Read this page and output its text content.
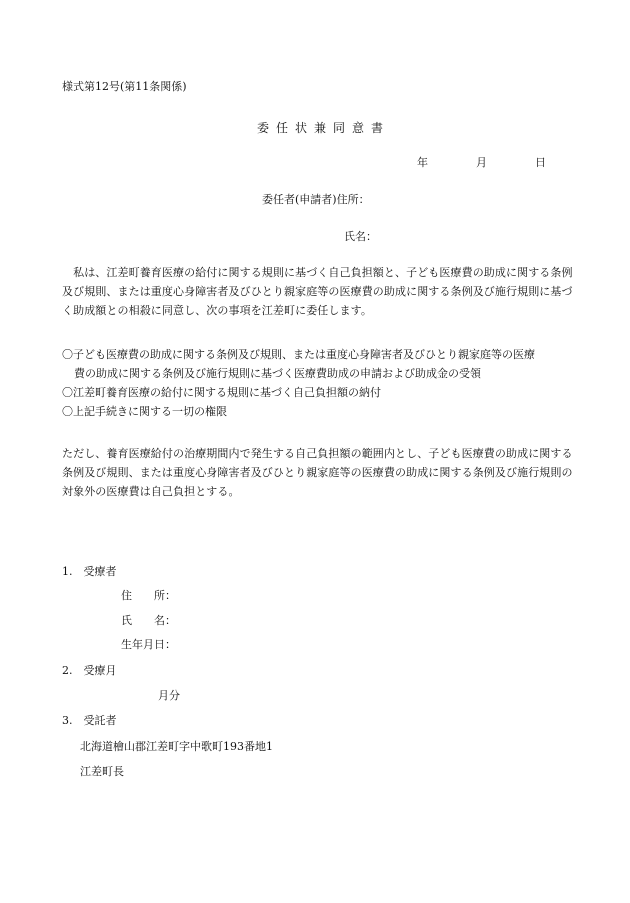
様式第12号(第11条関係)
委任状兼同意書
年	月	日
委任者(申請者)住所：
氏名：
　私は、江差町養育医療の給付に関する規則に基づく自己負担額と、子ども医療費の助成に関する条例及び規則、または重度心身障害者及びひとり親家庭等の医療費の助成に関する条例及び施行規則に基づく助成額との相殺に同意し、次の事項を江差町に委任します。
〇子ども医療費の助成に関する条例及び規則、または重度心身障害者及びひとり親家庭等の医療
費の助成に関する条例及び施行規則に基づく医療費助成の申請および助成金の受領
〇江差町養育医療の給付に関する規則に基づく自己負担額の納付
〇上記手続きに関する一切の権限
ただし、養育医療給付の治療期間内で発生する自己負担額の範囲内とし、子ども医療費の助成に関する条例及び規則、または重度心身障害者及びひとり親家庭等の医療費の助成に関する条例及び施行規則の対象外の医療費は自己負担とする。
1.　受療者
住　　所：
氏　　名：
生年月日：
2.　受療月
月分
3.　受託者
北海道檜山郡江差町字中歌町193番地1
江差町長
